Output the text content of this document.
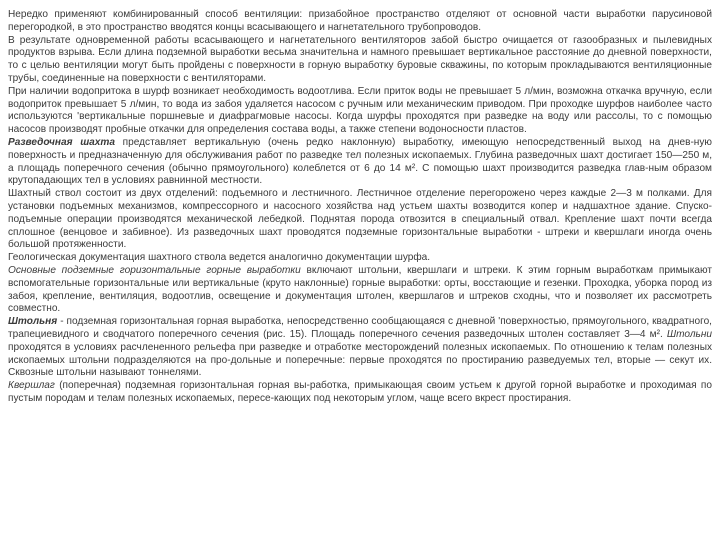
Нередко применяют комбинированный способ вентиляции: призабойное пространство отделяют от основной части выработки парусиновой перегородкой, в это пространство вводятся концы всасывающего и нагнетательного трубопроводов.

В результате одновременной работы всасывающего и нагнетательного вентиляторов забой быстро очищается от газообразных и пылевидных продуктов взрыва. Если длина подземной выработки весьма значительна и намного превышает вертикальное расстояние до дневной поверхности, то с целью вентиляции могут быть пройдены с поверхности в горную выработку буровые скважины, по которым прокладываются вентиляционные трубы, соединенные на поверхности с вентиляторами.

При наличии водопритока в шурф возникает необходимость водоотлива. Если приток воды не превышает 5 л/мин, возможна откачка вручную, если водоприток превышает 5 л/мин, то вода из забоя удаляется насосом с ручным или механическим приводом. При проходке шурфов наиболее часто используются 'вертикальные поршневые и диафрагмовые насосы. Когда шурфы проходятся при разведке на воду или рассолы, то с помощью насосов производят пробные откачки для определения состава воды, а также степени водоносности пластов.

Разведочная шахта представляет вертикальную (очень редко наклонную) выработку, имеющую непосредственный выход на днев-ную поверхность и предназначенную для обслуживания работ по разведке тел полезных ископаемых. Глубина разведочных шахт достигает 150—250 м, а площадь поперечного сечения (обычно прямоугольного) колеблется от 6 до 14 м². С помощью шахт производится разведка глав-ным образом крутопадающих тел в условиях равнинной местности.

Шахтный ствол состоит из двух отделений: подъемного и лестничного. Лестничное отделение перегорожено через каждые 2—3 м полками. Для установки подъемных механизмов, компрессорного и насосного хозяйства над устьем шахты возводится копер и надшахтное здание. Спуско-подъемные операции производятся механической лебедкой. Поднятая порода отвозится в специальный отвал. Крепление шахт почти всегда сплошное (венцовое и забивное). Из разведочных шахт проводятся подземные горизонтальные выработки - штреки и квершлаги иногда очень большой протяженности.

Геологическая документация шахтного ствола ведется аналогично документации шурфа.

Основные подземные горизонтальные горные выработки включают штольни, квершлаги и штреки. К этим горным выработкам примыкают вспомогательные горизонтальные или вертикальные (круто наклонные) горные выработки: орты, восстающие и гезенки. Проходка, уборка пород из забоя, крепление, вентиляция, водоотлив, освещение и документация штолен, квершлагов и штреков сходны, что и позволяет их рассмотреть совместно.

Штольня - подземная горизонтальная горная выработка, непосредственно сообщающаяся с дневной 'поверхностью, прямоугольного, квадратного, трапециевидного и сводчатого поперечного сечения (рис. 15). Площадь поперечного сечения разведочных штолен составляет 3—4 м². Штольни проходятся в условиях расчлененного рельефа при разведке и отработке месторождений полезных ископаемых. По отношению к телам полезных ископаемых штольни подразделяются на про-дольные и поперечные: первые проходятся по простиранию разведуемых тел, вторые — секут их. Сквозные штольни называют тоннелями.

Квершлаг (поперечная) подземная горизонтальная горная вы-работка, примыкающая своим устьем к другой горной выработке и проходимая по пустым породам и телам полезных ископаемых, пересе-кающих под некоторым углом, чаще всего вкрест простирания.
